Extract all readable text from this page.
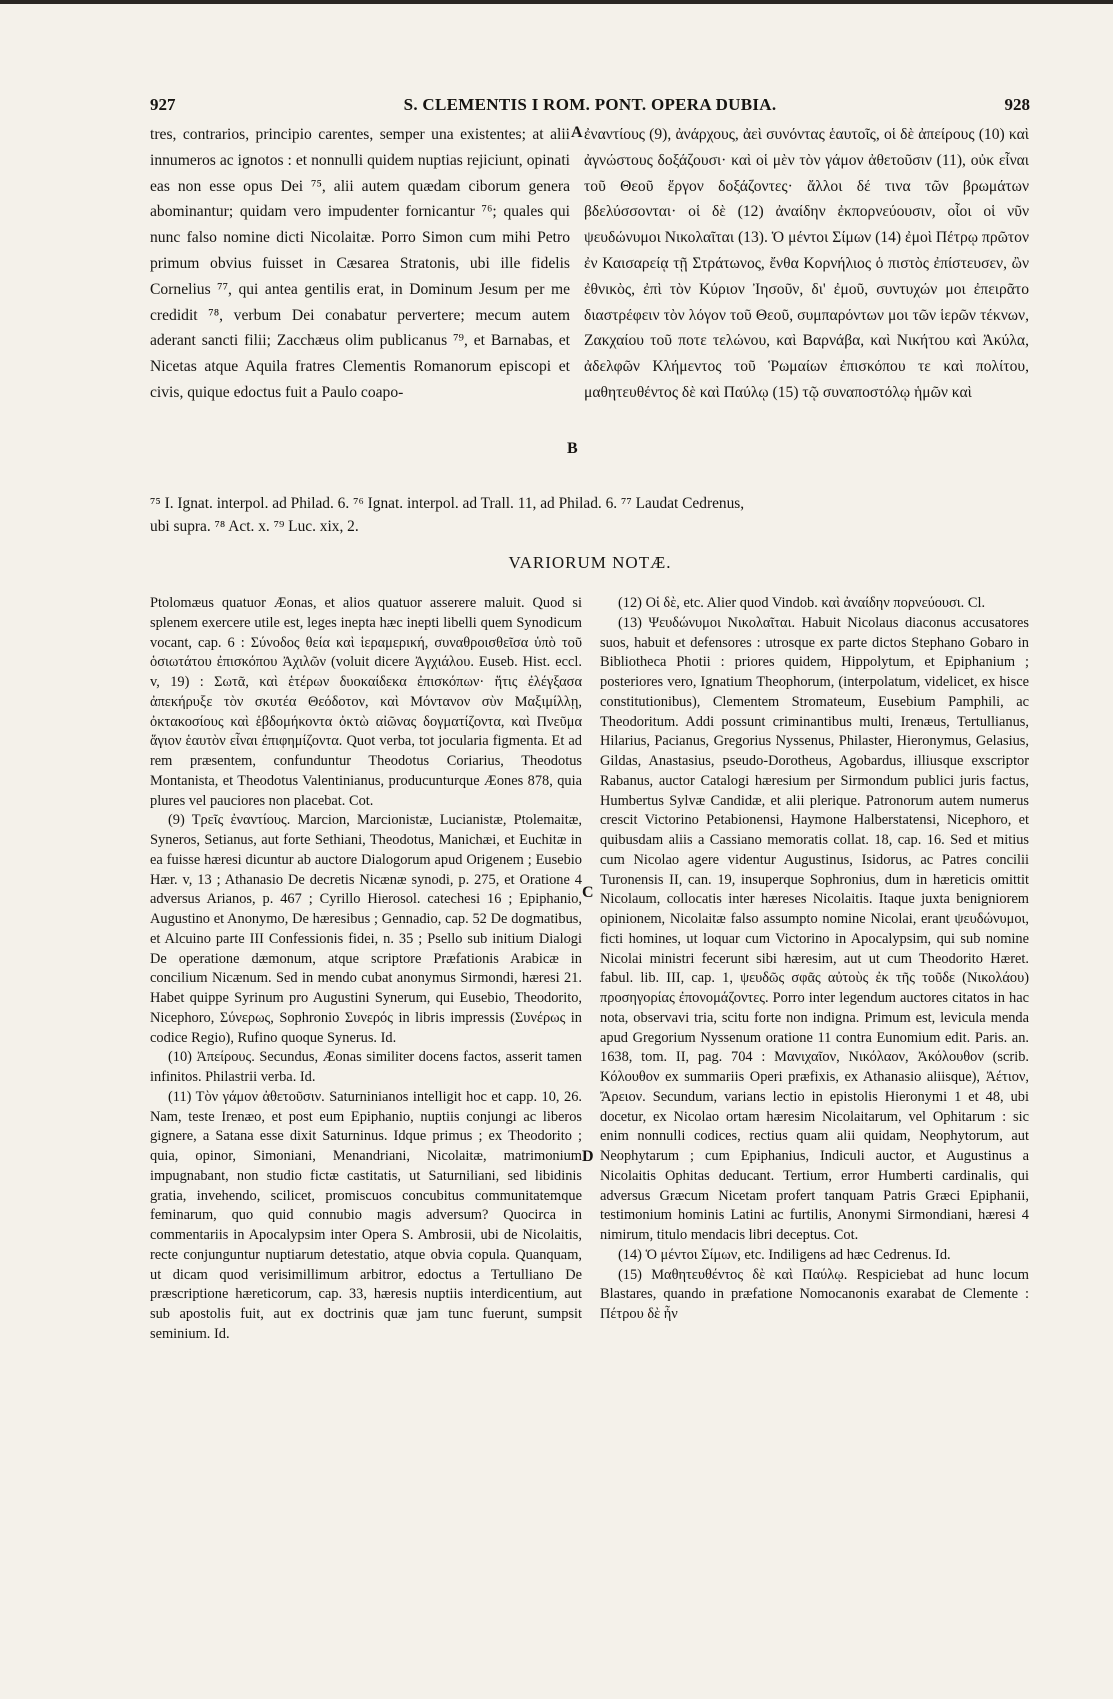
927	S. CLEMENTIS I ROM. PONT. OPERA DUBIA.	928

tres, contrarios, principio carentes, semper una existentes; at alii innumeros ac ignotos : et nonnulli quidem nuptias rejiciunt, opinati eas non esse opus Dei ⁷⁵, alii autem quædam ciborum genera abominantur; quidam vero impudenter fornicantur ⁷⁶; quales qui nunc falso nomine dicti Nicolaitæ. Porro Simon cum mihi Petro primum obvius fuisset in Cæsarea Stratonis, ubi ille fidelis Cornelius ⁷⁷, qui antea gentilis erat, in Dominum Jesum per me credidit ⁷⁸, verbum Dei conabatur pervertere; mecum autem aderant sancti filii; Zacchæus olim publicanus ⁷⁹, et Barnabas, et Nicetas atque Aquila fratres Clementis Romanorum episcopi et civis, quique edoctus fuit a Paulo coapo-

ἐναντίους (9), ἀνάρχους, ἀεὶ συνόντας ἑαυτοῖς, οἱ δὲ ἀπείρους (10) καὶ ἀγνώστους δοξάζουσι· καὶ οἱ μὲν τὸν γάμον ἀθετοῦσιν (11), οὐκ εἶναι τοῦ Θεοῦ ἔργον δοξάζοντες· ἄλλοι δέ τινα τῶν βρωμάτων βδελύσσονται· οἱ δὲ (12) ἀναίδην ἐκπορνεύουσιν, οἷοι οἱ νῦν ψευδώνυμοι Νικολαῖται (13). Ὁ μέντοι Σίμων (14) ἐμοὶ Πέτρῳ πρῶτον ἐν Καισαρείᾳ τῇ Στράτωνος, ἔνθα Κορνήλιος ὁ πιστὸς ἐπίστευσεν, ὢν ἐθνικὸς, ἐπὶ τὸν Κύριον Ἰησοῦν, δι' ἐμοῦ, συντυχών μοι ἐπειρᾶτο διαστρέφειν τὸν λόγον τοῦ Θεοῦ, συμπαρόντων μοι τῶν ἱερῶν τέκνων, Ζακχαίου τοῦ ποτε τελώνου, καὶ Βαρνάβα, καὶ Νικήτου καὶ Ἀκύλα, ἀδελφῶν Κλήμεντος τοῦ Ῥωμαίων ἐπισκόπου τε καὶ πολίτου, μαθητευθέντος δὲ καὶ Παύλῳ (15) τῷ συναποστόλῳ ἡμῶν καὶ

A
B
C
D

⁷⁵ I. Ignat. interpol. ad Philad. 6. ⁷⁶ Ignat. interpol. ad Trall. 11, ad Philad. 6. ⁷⁷ Laudat Cedrenus,

ubi supra. ⁷⁸ Act. x. ⁷⁹ Luc. xix, 2.

VARIORUM NOTÆ.

Ptolomæus quatuor Æonas, et alios quatuor asserere maluit. Quod si splenem exercere utile est, leges inepta hæc inepti libelli quem Synodicum vocant, cap. 6 : Σύνοδος θεία καὶ ἱεραμερική, συναθροισθεῖσα ὑπὸ τοῦ ὁσιωτάτου ἐπισκόπου Ἀχιλῶν (voluit dicere Ἀγχιάλου. Euseb. Hist. eccl. v, 19) : Σωτᾶ, καὶ ἑτέρων δυοκαίδεκα ἐπισκόπων· ἥτις ἐλέγξασα ἀπεκήρυξε τὸν σκυτέα Θεόδοτον, καὶ Μόντανον σὺν Μαξιμίλλῃ, ὀκτακοσίους καὶ ἑβδομήκοντα ὀκτὼ αἰῶνας δογματίζοντα, καὶ Πνεῦμα ἅγιον ἑαυτὸν εἶναι ἐπιφημίζοντα. Quot verba, tot jocularia figmenta. Et ad rem præsentem, confunduntur Theodotus Coriarius, Theodotus Montanista, et Theodotus Valentinianus, producunturque Æones 878, quia plures vel pauciores non placebat. Cot.

(9) Τρεῖς ἐναντίους. Marcion, Marcionistæ, Lucianistæ, Ptolemaitæ, Syneros, Setianus, aut forte Sethiani, Theodotus, Manichæi, et Euchitæ in ea fuisse hæresi dicuntur ab auctore Dialogorum apud Origenem ; Eusebio Hær. v, 13 ; Athanasio De decretis Nicænæ synodi, p. 275, et Oratione 4 adversus Arianos, p. 467 ; Cyrillo Hierosol. catechesi 16 ; Epiphanio, Augustino et Anonymo, De hæresibus ; Gennadio, cap. 52 De dogmatibus, et Alcuino parte III Confessionis fidei, n. 35 ; Psello sub initium Dialogi De operatione dæmonum, atque scriptore Præfationis Arabicæ in concilium Nicænum. Sed in mendo cubat anonymus Sirmondi, hæresi 21. Habet quippe Syrinum pro Augustini Synerum, qui Eusebio, Theodorito, Nicephoro, Σύνερως, Sophronio Συνερός in libris impressis (Συνέρως in codice Regio), Rufino quoque Synerus. Id.

(10) Ἀπείρους. Secundus, Æonas similiter docens factos, asserit tamen infinitos. Philastrii verba. Id.

(11) Τὸν γάμον ἀθετοῦσιν. Saturninianos intelligit hoc et capp. 10, 26. Nam, teste Irenæo, et post eum Epiphanio, nuptiis conjungi ac liberos gignere, a Satana esse dixit Saturninus. Idque primus ; ex Theodorito ; quia, opinor, Simoniani, Menandriani, Nicolaitæ, matrimonium impugnabant, non studio fictæ castitatis, ut Saturniliani, sed libidinis gratia, invehendo, scilicet, promiscuos concubitus communitatemque feminarum, quo quid connubio magis adversum? Quocirca in commentariis in Apocalypsim inter Opera S. Ambrosii, ubi de Nicolaitis, recte conjunguntur nuptiarum detestatio, atque obvia copula. Quanquam, ut dicam quod verisimillimum arbitror, edoctus a Tertulliano De præscriptione hæreticorum, cap. 33, hæresis nuptiis interdicentium, aut sub apostolis fuit, aut ex doctrinis quæ jam tunc fuerunt, sumpsit seminium. Id.

(12) Οἱ δὲ, etc. Alier quod Vindob. καὶ ἀναίδην πορνεύουσι. Cl.

(13) Ψευδώνυμοι Νικολαῖται. Habuit Nicolaus diaconus accusatores suos, habuit et defensores : utrosque ex parte dictos Stephano Gobaro in Bibliotheca Photii : priores quidem, Hippolytum, et Epiphanium ; posteriores vero, Ignatium Theophorum, (interpolatum, videlicet, ex hisce constitutionibus), Clementem Stromateum, Eusebium Pamphili, ac Theodoritum. Addi possunt criminantibus multi, Irenæus, Tertullianus, Hilarius, Pacianus, Gregorius Nyssenus, Philaster, Hieronymus, Gelasius, Gildas, Anastasius, pseudo-Dorotheus, Agobardus, illiusque exscriptor Rabanus, auctor Catalogi hæresium per Sirmondum publici juris factus, Humbertus Sylvæ Candidæ, et alii plerique. Patronorum autem numerus crescit Victorino Petabionensi, Haymone Halberstatensi, Nicephoro, et quibusdam aliis a Cassiano memoratis collat. 18, cap. 16. Sed et mitius cum Nicolao agere videntur Augustinus, Isidorus, ac Patres concilii Turonensis II, can. 19, insuperque Sophronius, dum in hæreticis omittit Nicolaum, collocatis inter hæreses Nicolaitis. Itaque juxta benigniorem opinionem, Nicolaitæ falso assumpto nomine Nicolai, erant ψευδώνυμοι, ficti homines, ut loquar cum Victorino in Apocalypsim, qui sub nomine Nicolai ministri fecerunt sibi hæresim, aut ut cum Theodorito Hæret. fabul. lib. III, cap. 1, ψευδῶς σφᾶς αὐτοὺς ἐκ τῆς τοῦδε (Νικολάου) προσηγορίας ἐπονομάζοντες. Porro inter legendum auctores citatos in hac nota, observavi tria, scitu forte non indigna. Primum est, levicula menda apud Gregorium Nyssenum oratione 11 contra Eunomium edit. Paris. an. 1638, tom. II, pag. 704 : Μανιχαῖον, Νικόλαον, Ἀκόλουθον (scrib. Κόλουθον ex summariis Operi præfixis, ex Athanasio aliisque), Ἀέτιον, Ἄρειον. Secundum, varians lectio in epistolis Hieronymi 1 et 48, ubi docetur, ex Nicolao ortam hæresim Nicolaitarum, vel Ophitarum : sic enim nonnulli codices, rectius quam alii quidam, Neophytorum, aut Neophytarum ; cum Epiphanius, Indiculi auctor, et Augustinus a Nicolaitis Ophitas deducant. Tertium, error Humberti cardinalis, qui adversus Græcum Nicetam profert tanquam Patris Græci Epiphanii, testimonium hominis Latini ac furtilis, Anonymi Sirmondiani, hæresi 4 nimirum, titulo mendacis libri deceptus. Cot.

(14) Ὁ μέντοι Σίμων, etc. Indiligens ad hæc Cedrenus. Id.

(15) Μαθητευθέντος δὲ καὶ Παύλῳ. Respiciebat ad hunc locum Blastares, quando in præfatione Nomocanonis exarabat de Clemente : Πέτρου δὲ ἦν
